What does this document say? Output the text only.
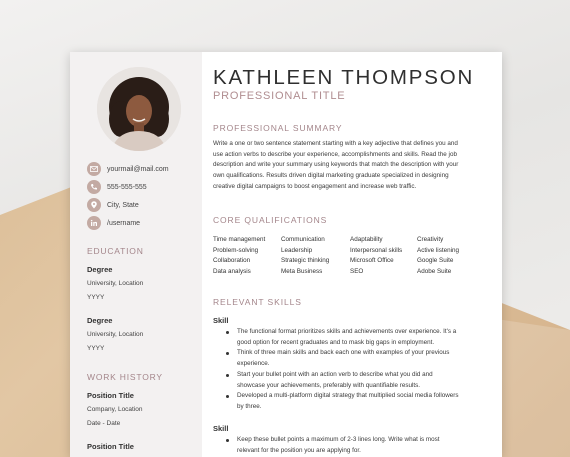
yourmail@mail.com
555-555-555
City, State
/username
EDUCATION
Degree
University, Location
YYYY
Degree
University, Location
YYYY
WORK HISTORY
Position Title
Company, Location
Date - Date
Position Title
KATHLEEN THOMPSON
PROFESSIONAL TITLE
PROFESSIONAL SUMMARY
Write a one or two sentence statement starting with a key adjective that defines you and
use action verbs to describe your experience, accomplishments and skills. Read the job
description and write your summary using keywords that match the description with your
own qualifications. Results driven digital marketing graduate specialized in designing
creative digital campaigns to boost engagement and increase web traffic.
CORE QUALIFICATIONS
Time management
Problem-solving
Collaboration
Data analysis
Communication
Leadership
Strategic thinking
Meta Business
Adaptability
Interpersonal skills
Microsoft Office
SEO
Creativity
Active listening
Google Suite
Adobe Suite
RELEVANT SKILLS
Skill
The functional format prioritizes skills and achievements over experience. It's a
good option for recent graduates and to mask big gaps in employment.
Think of three main skills and back each one with examples of your previous
experience.
Start your bullet point with an action verb to describe what you did and
showcase your achievements, preferably with quantifiable results.
Developed a multi-platform digital strategy that multiplied social media followers
by three.
Skill
Keep these bullet points a maximum of 2-3 lines long. Write what is most
relevant for the position you are applying for.
